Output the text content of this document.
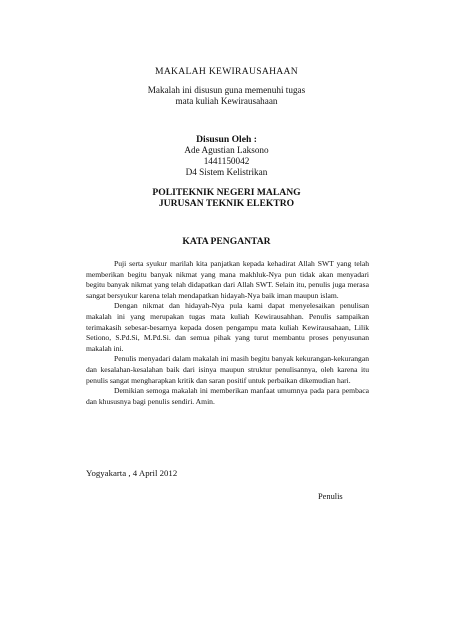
MAKALAH KEWIRAUSAHAAN
Makalah ini disusun guna memenuhi tugas
mata kuliah Kewirausahaan
Disusun Oleh :
Ade Agustian Laksono
1441150042
D4 Sistem Kelistrikan
POLITEKNIK NEGERI MALANG
JURUSAN TEKNIK ELEKTRO
KATA PENGANTAR

Puji serta syukur marilah kita panjatkan kepada kehadirat Allah SWT yang telah memberikan begitu banyak nikmat yang mana makhluk-Nya pun tidak akan menyadari begitu banyak nikmat yang telah didapatkan dari Allah SWT. Selain itu, penulis juga merasa sangat bersyukur karena telah mendapatkan hidayah-Nya baik iman maupun islam.

Dengan nikmat dan hidayah-Nya pula kami dapat menyelesaikan penulisan makalah ini yang merupakan tugas mata kuliah Kewirausahhan. Penulis sampaikan terimakasih sebesar-besarnya kepada dosen pengampu mata kuliah Kewirausahaan, Lilik Setiono, S.Pd.Si, M.Pd.Si. dan semua pihak yang turut membantu proses penyusunan makalah ini.

Penulis menyadari dalam makalah ini masih begitu banyak kekurangan-kekurangan dan kesalahan-kesalahan baik dari isinya maupun struktur penulisannya, oleh karena itu penulis sangat mengharapkan kritik dan saran positif untuk perbaikan dikemudian hari.

Demikian semoga makalah ini memberikan manfaat umumnya pada para pembaca dan khususnya bagi penulis sendiri. Amin.

Yogyakarta , 4 April 2012
Penulis
